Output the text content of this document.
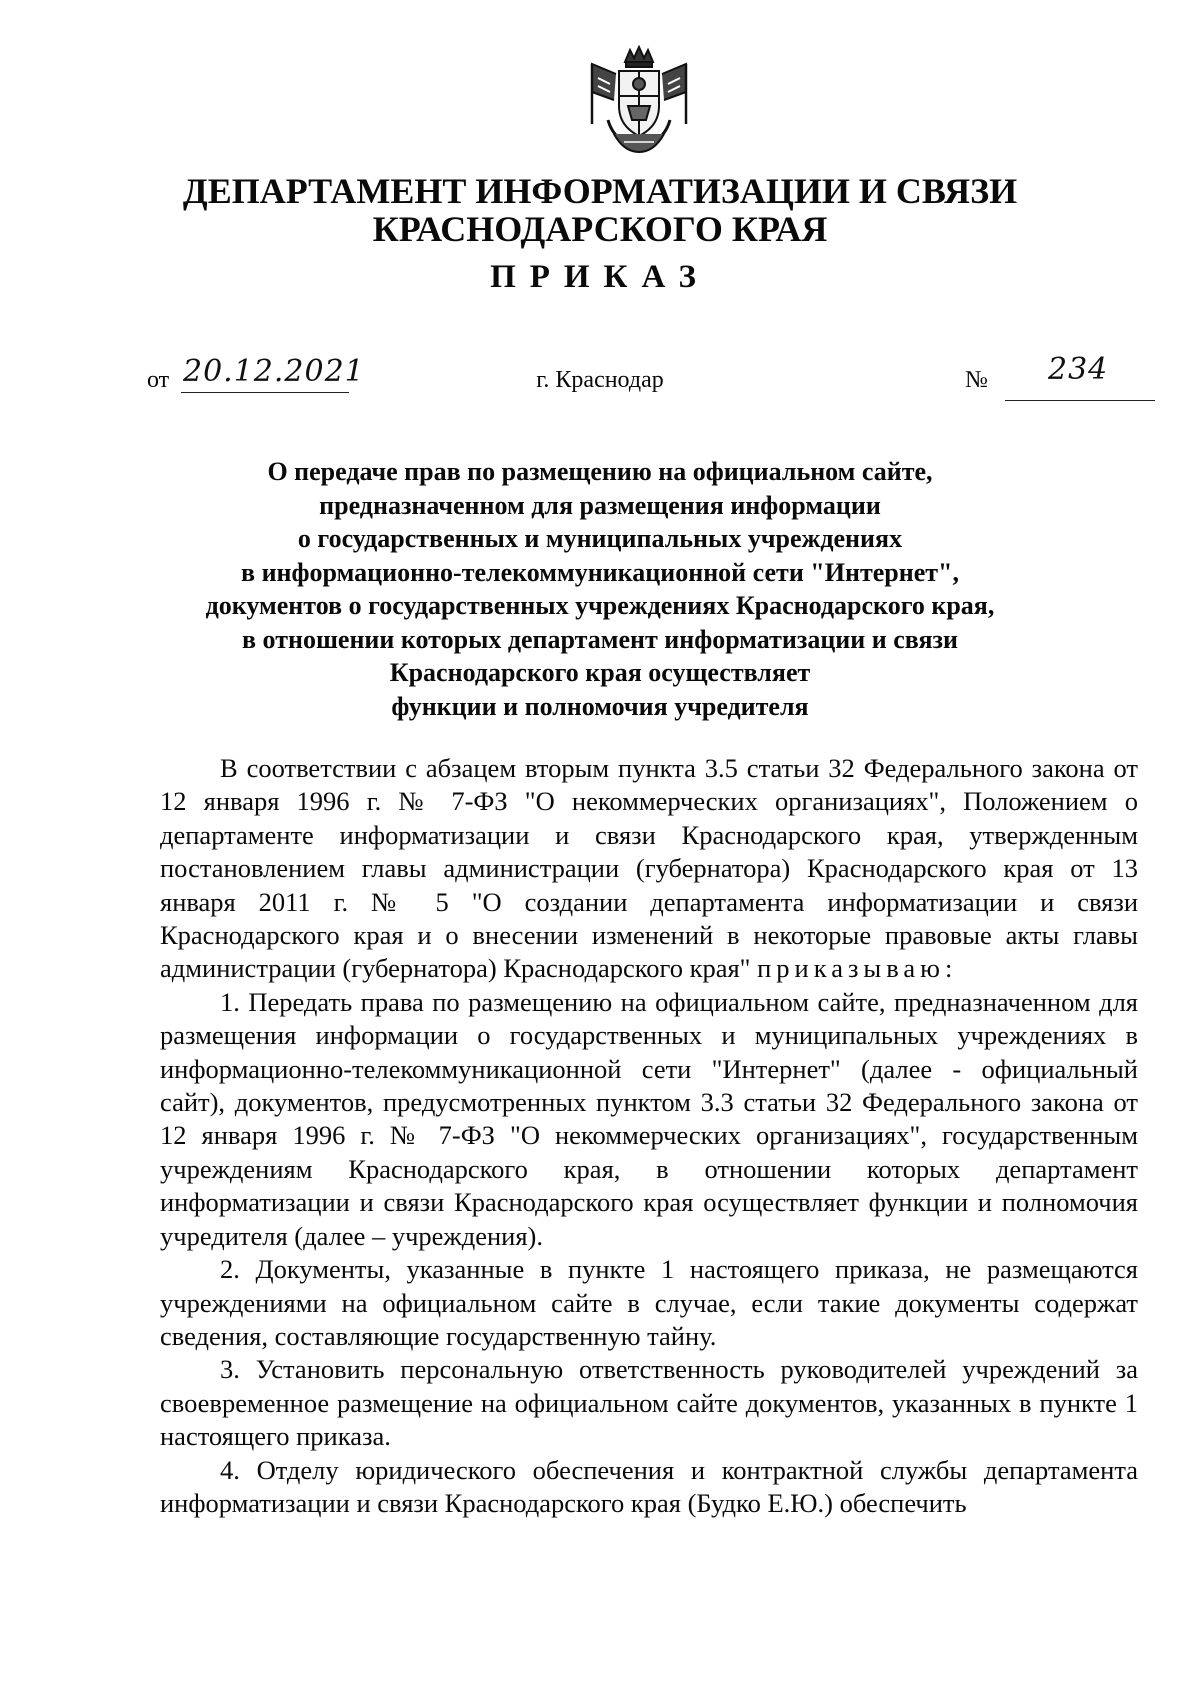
ДЕПАРТАМЕНТ ИНФОРМАТИЗАЦИИ И СВЯЗИ
КРАСНОДАРСКОГО КРАЯ
ПРИКАЗ
от 20.12.2021	г. Краснодар	№ 234
О передаче прав по размещению на официальном сайте,
предназначенном для размещения информации
о государственных и муниципальных учреждениях
в информационно-телекоммуникационной сети "Интернет",
документов о государственных учреждениях Краснодарского края,
в отношении которых департамент информатизации и связи
Краснодарского края осуществляет
функции и полномочия учредителя

В соответствии с абзацем вторым пункта 3.5 статьи 32 Федерального закона от 12 января 1996 г. № 7-ФЗ "О некоммерческих организациях", Положением о департаменте информатизации и связи Краснодарского края, утвержденным постановлением главы администрации (губернатора) Краснодарского края от 13 января 2011 г. № 5 "О создании департамента информатизации и связи Краснодарского края и о внесении изменений в некоторые правовые акты главы администрации (губернатора) Краснодарского края" приказываю:

1. Передать права по размещению на официальном сайте, предназначенном для размещения информации о государственных и муниципальных учреждениях в информационно-телекоммуникационной сети "Интернет" (далее - официальный сайт), документов, предусмотренных пунктом 3.3 статьи 32 Федерального закона от 12 января 1996 г. № 7-ФЗ "О некоммерческих организациях", государственным учреждениям Краснодарского края, в отношении которых департамент информатизации и связи Краснодарского края осуществляет функции и полномочия учредителя (далее – учреждения).

2. Документы, указанные в пункте 1 настоящего приказа, не размещаются учреждениями на официальном сайте в случае, если такие документы содержат сведения, составляющие государственную тайну.

3. Установить персональную ответственность руководителей учреждений за своевременное размещение на официальном сайте документов, указанных в пункте 1 настоящего приказа.

4. Отделу юридического обеспечения и контрактной службы департамента информатизации и связи Краснодарского края (Будко Е.Ю.) обеспечить
